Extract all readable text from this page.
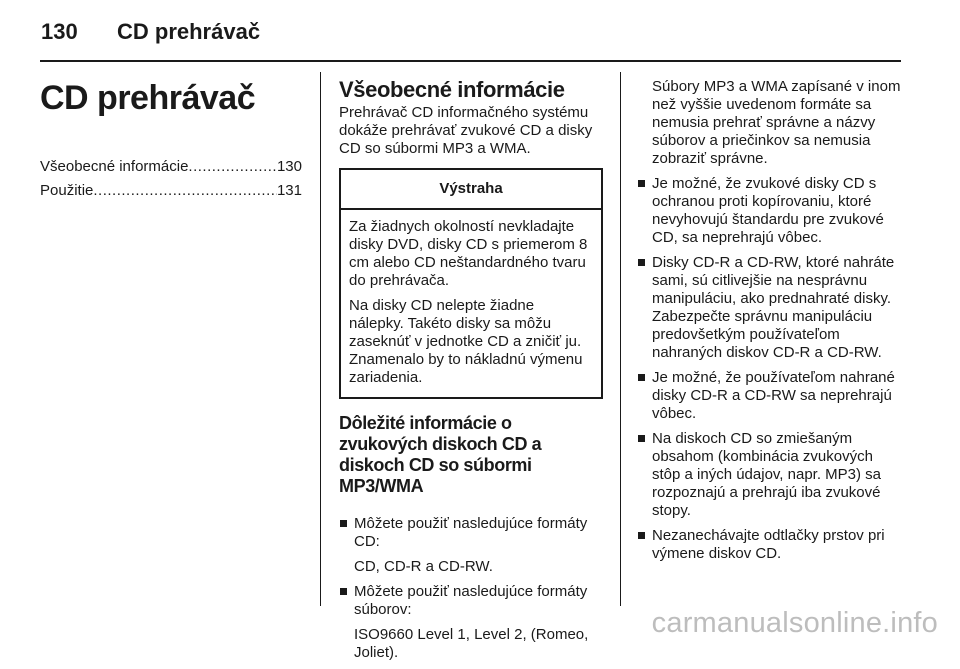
130 CD prehrávač
CD prehrávač
Všeobecné informácie .....	130
Použitie .....	131
Všeobecné informácie

Prehrávač CD informačného systému dokáže prehrávať zvukové CD a disky CD so súbormi MP3 a WMA.

Výstraha

Za žiadnych okolností nevkladajte disky DVD, disky CD s priemerom 8 cm alebo CD neštandardného tvaru do prehrávača.

Na disky CD nelepte žiadne nálepky. Takéto disky sa môžu zaseknúť v jednotke CD a zničiť ju. Znamenalo by to nákladnú výmenu zariadenia.

Dôležité informácie o zvukových diskoch CD a diskoch CD so súbormi MP3/WMA
Môžete použiť nasledujúce formáty CD:
CD, CD-R a CD-RW.
Môžete použiť nasledujúce formáty súborov:
ISO9660 Level 1, Level 2, (Romeo, Joliet).

Súbory MP3 a WMA zapísané v inom než vyššie uvedenom formáte sa nemusia prehrať správne a názvy súborov a priečinkov sa nemusia zobraziť správne.

Je možné, že zvukové disky CD s ochranou proti kopírovaniu, ktoré nevyhovujú štandardu pre zvukové CD, sa neprehrajú vôbec.
Disky CD-R a CD-RW, ktoré nahráte sami, sú citlivejšie na nesprávnu manipuláciu, ako prednahraté disky. Zabezpečte správnu manipuláciu predovšetkým používateľom nahraných diskov CD-R a CD-RW.
Je možné, že používateľom nahrané disky CD-R a CD-RW sa neprehrajú vôbec.
Na diskoch CD so zmiešaným obsahom (kombinácia zvukových stôp a iných údajov, napr. MP3) sa rozpoznajú a prehrajú iba zvukové stopy.
Nezanechávajte odtlačky prstov pri výmene diskov CD.
carmanualsonline.info
